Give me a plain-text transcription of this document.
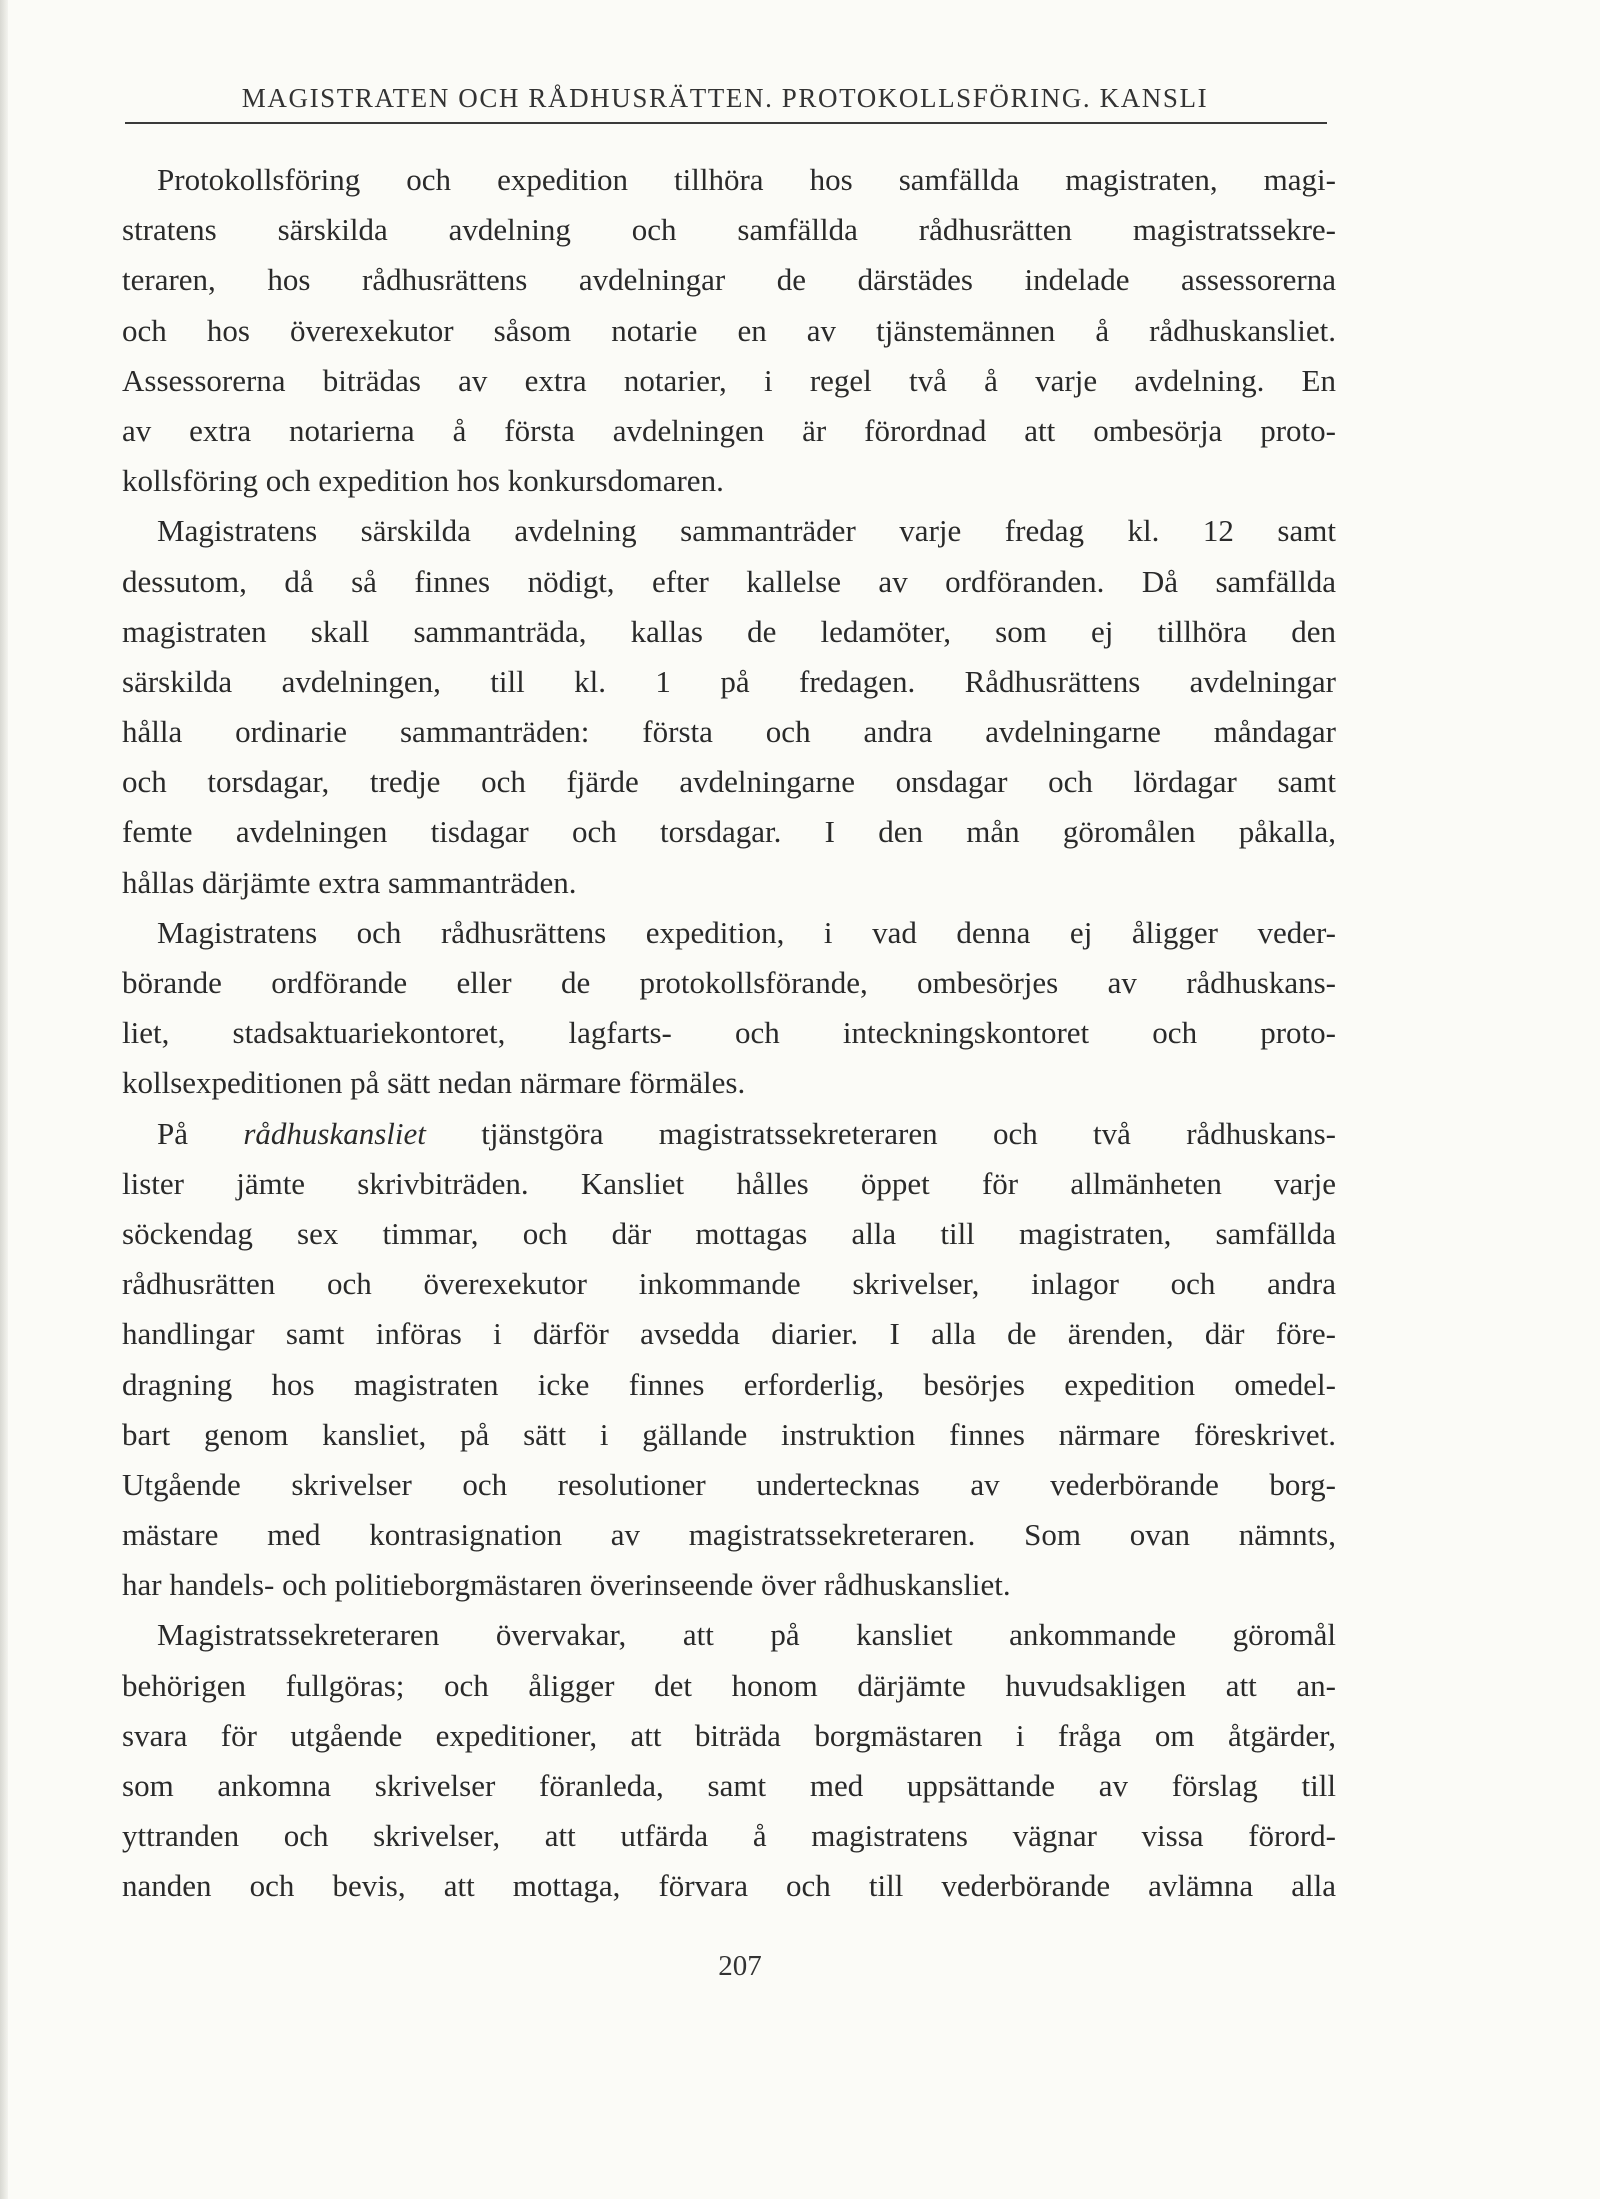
MAGISTRATEN OCH RÅDHUSRÄTTEN. PROTOKOLLSFÖRING. KANSLI
Protokollsföring och expedition tillhöra hos samfällda magistraten, magi-
stratens särskilda avdelning och samfällda rådhusrätten magistratssekre-
teraren, hos rådhusrättens avdelningar de därstädes indelade assessorerna
och hos överexekutor såsom notarie en av tjänstemännen å rådhuskansliet.
Assessorerna biträdas av extra notarier, i regel två å varje avdelning. En
av extra notarierna å första avdelningen är förordnad att ombesörja proto-
kollsföring och expedition hos konkursdomaren.
Magistratens särskilda avdelning sammanträder varje fredag kl. 12 samt
dessutom, då så finnes nödigt, efter kallelse av ordföranden. Då samfällda
magistraten skall sammanträda, kallas de ledamöter, som ej tillhöra den
särskilda avdelningen, till kl. 1 på fredagen. Rådhusrättens avdelningar
hålla ordinarie sammanträden: första och andra avdelningarne måndagar
och torsdagar, tredje och fjärde avdelningarne onsdagar och lördagar samt
femte avdelningen tisdagar och torsdagar. I den mån göromålen påkalla,
hållas därjämte extra sammanträden.
Magistratens och rådhusrättens expedition, i vad denna ej åligger veder-
börande ordförande eller de protokollsförande, ombesörjes av rådhuskans-
liet, stadsaktuariekontoret, lagfarts- och inteckningskontoret och proto-
kollsexpeditionen på sätt nedan närmare förmäles.
På rådhuskansliet tjänstgöra magistratssekreteraren och två rådhuskans-
lister jämte skrivbiträden. Kansliet hålles öppet för allmänheten varje
söckendag sex timmar, och där mottagas alla till magistraten, samfällda
rådhusrätten och överexekutor inkommande skrivelser, inlagor och andra
handlingar samt införas i därför avsedda diarier. I alla de ärenden, där före-
dragning hos magistraten icke finnes erforderlig, besörjes expedition omedel-
bart genom kansliet, på sätt i gällande instruktion finnes närmare föreskrivet.
Utgående skrivelser och resolutioner undertecknas av vederbörande borg-
mästare med kontrasignation av magistratssekreteraren. Som ovan nämnts,
har handels- och politieborgmästaren överinseende över rådhuskansliet.
Magistratssekreteraren övervakar, att på kansliet ankommande göromål
behörigen fullgöras; och åligger det honom därjämte huvudsakligen att an-
svara för utgående expeditioner, att biträda borgmästaren i fråga om åtgärder,
som ankomna skrivelser föranleda, samt med uppsättande av förslag till
yttranden och skrivelser, att utfärda å magistratens vägnar vissa förord-
nanden och bevis, att mottaga, förvara och till vederbörande avlämna alla
207
